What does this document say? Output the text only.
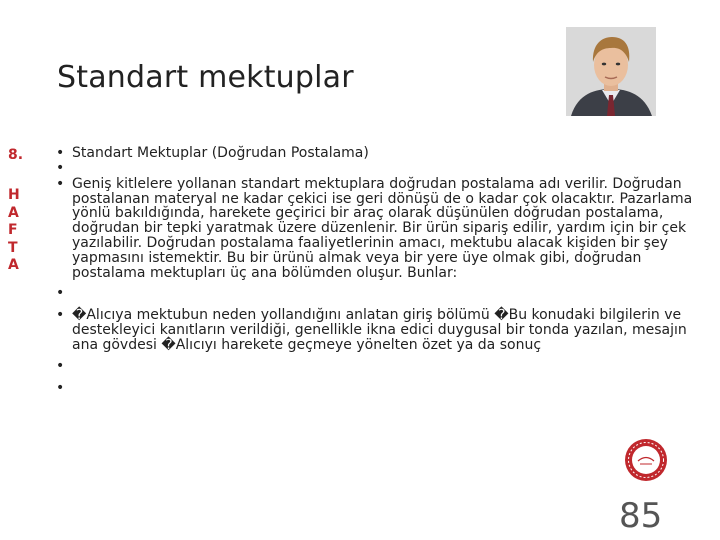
Standart mektuplar
8.
H
A
F
T
A
• Standart Mektuplar (Doğrudan Postalama)
•
• Geniş kitlelere yollanan standart mektuplara doğrudan postalama adı verilir. Doğrudan postalanan materyal ne kadar çekici ise geri dönüşü de o kadar çok olacaktır. Pazarlama yönlü bakıldığında, harekete geçirici bir araç olarak düşünülen doğrudan postalama, doğrudan bir tepki yaratmak üzere düzenlenir. Bir ürün sipariş edilir, yardım için bir çek yazılabilir. Doğrudan postalama faaliyetlerinin amacı, mektubu alacak kişiden bir şey yapmasını istemektir. Bu bir ürünü almak veya bir yere üye olmak gibi, doğrudan postalama mektupları üç ana bölümden oluşur. Bunlar:
•
• �Alıcıya mektubun neden yollandığını anlatan giriş bölümü �Bu konudaki bilgilerin ve destekleyici kanıtların verildiği, genellikle ikna edici duygusal bir tonda yazılan, mesajın ana gövdesi �Alıcıyı harekete geçmeye yönelten özet ya da sonuç
•
•
85
